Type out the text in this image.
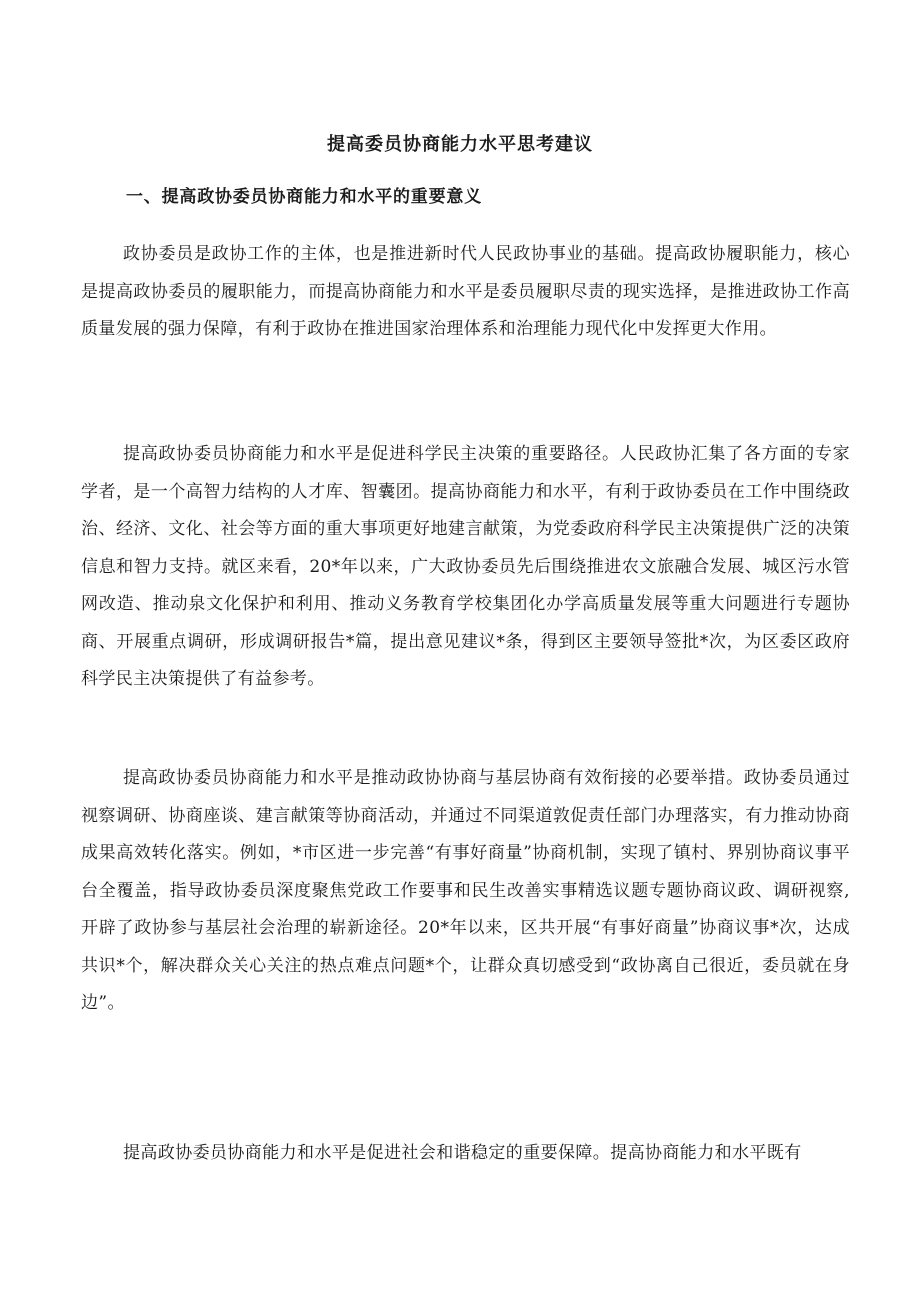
提高委员协商能力水平思考建议
一、提高政协委员协商能力和水平的重要意义

政协委员是政协工作的主体，也是推进新时代人民政协事业的基础。提高政协履职能力，核心是提高政协委员的履职能力，而提高协商能力和水平是委员履职尽责的现实选择，是推进政协工作高质量发展的强力保障，有利于政协在推进国家治理体系和治理能力现代化中发挥更大作用。

提高政协委员协商能力和水平是促进科学民主决策的重要路径。人民政协汇集了各方面的专家学者，是一个高智力结构的人才库、智囊团。提高协商能力和水平，有利于政协委员在工作中围绕政治、经济、文化、社会等方面的重大事项更好地建言献策，为党委政府科学民主决策提供广泛的决策信息和智力支持。就区来看，20*年以来，广大政协委员先后围绕推进农文旅融合发展、城区污水管网改造、推动泉文化保护和利用、推动义务教育学校集团化办学高质量发展等重大问题进行专题协商、开展重点调研，形成调研报告*篇，提出意见建议*条，得到区主要领导签批*次，为区委区政府科学民主决策提供了有益参考。

提高政协委员协商能力和水平是推动政协协商与基层协商有效衔接的必要举措。政协委员通过视察调研、协商座谈、建言献策等协商活动，并通过不同渠道敦促责任部门办理落实，有力推动协商成果高效转化落实。例如，*市区进一步完善“有事好商量”协商机制，实现了镇村、界别协商议事平台全覆盖，指导政协委员深度聚焦党政工作要事和民生改善实事精选议题专题协商议政、调研视察,开辟了政协参与基层社会治理的崭新途径。20*年以来，区共开展“有事好商量”协商议事*次，达成共识*个，解决群众关心关注的热点难点问题*个，让群众真切感受到“政协离自己很近，委员就在身边”。

提高政协委员协商能力和水平是促进社会和谐稳定的重要保障。提高协商能力和水平既有
